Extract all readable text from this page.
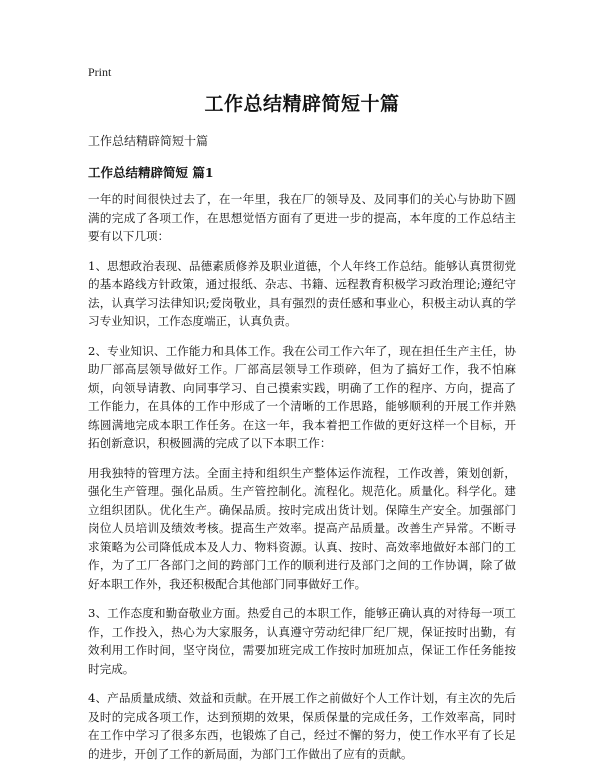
Print
工作总结精辟简短十篇

工作总结精辟简短十篇

工作总结精辟简短 篇1

一年的时间很快过去了，在一年里，我在厂的领导及、及同事们的关心与协助下圆满的完成了各项工作，在思想觉悟方面有了更进一步的提高，本年度的工作总结主要有以下几项：

1、思想政治表现、品德素质修养及职业道德，个人年终工作总结。能够认真贯彻党的基本路线方针政策，通过报纸、杂志、书籍、远程教育积极学习政治理论;遵纪守法，认真学习法律知识;爱岗敬业，具有强烈的责任感和事业心，积极主动认真的学习专业知识，工作态度端正，认真负责。

2、专业知识、工作能力和具体工作。我在公司工作六年了，现在担任生产主任，协助厂部高层领导做好工作。厂部高层领导工作琐碎，但为了搞好工作，我不怕麻烦，向领导请教、向同事学习、自己摸索实践，明确了工作的程序、方向，提高了工作能力，在具体的工作中形成了一个清晰的工作思路，能够顺利的开展工作并熟练圆满地完成本职工作任务。在这一年，我本着把工作做的更好这样一个目标，开拓创新意识，积极圆满的完成了以下本职工作：

用我独特的管理方法。全面主持和组织生产整体运作流程，工作改善，策划创新，强化生产管理。强化品质。生产管控制化。流程化。规范化。质量化。科学化。建立组织团队。优化生产。确保品质。按时完成出货计划。保障生产安全。加强部门岗位人员培训及绩效考核。提高生产效率。提高产品质量。改善生产异常。不断寻求策略为公司降低成本及人力、物料资源。认真、按时、高效率地做好本部门的工作，为了工厂各部门之间的跨部门工作的顺利进行及部门之间的工作协调，除了做好本职工作外，我还积极配合其他部门同事做好工作。

3、工作态度和勤奋敬业方面。热爱自己的本职工作，能够正确认真的对待每一项工作，工作投入，热心为大家服务，认真遵守劳动纪律厂纪厂规，保证按时出勤，有效利用工作时间，坚守岗位，需要加班完成工作按时加班加点，保证工作任务能按时完成。

4、产品质量成绩、效益和贡献。在开展工作之前做好个人工作计划，有主次的先后及时的完成各项工作，达到预期的效果，保质保量的完成任务，工作效率高，同时在工作中学习了很多东西，也锻炼了自己，经过不懈的努力，使工作水平有了长足的进步，开创了工作的新局面，为部门工作做出了应有的贡献。
